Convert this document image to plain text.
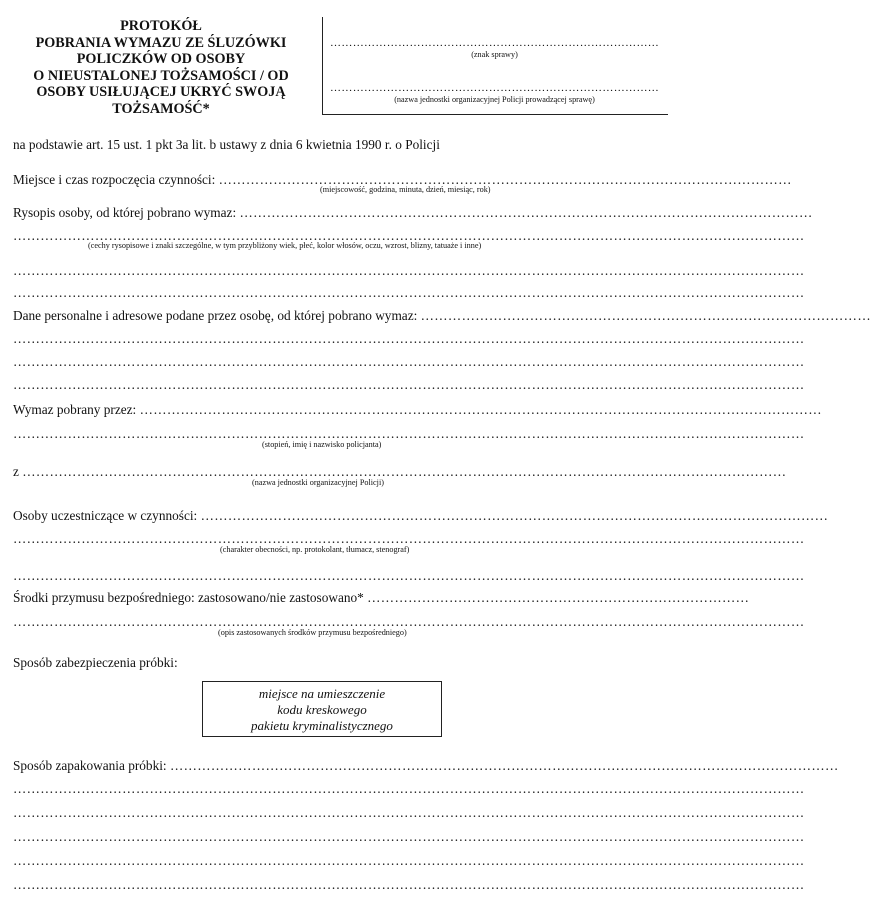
PROTOKÓŁ
POBRANIA WYMAZU ZE ŚLUZÓWKI
POLICZKÓW OD OSOBY
O NIEUSTALONEJ TOŻSAMOŚCI / OD
OSOBY USIŁUJĄCEJ UKRYĆ SWOJĄ
TOŻSAMOŚĆ*
……………………………………………………………………………
(znak sprawy)
……………………………………………………………………………
(nazwa jednostki organizacyjnej Policji prowadzącej sprawę)
na podstawie art. 15 ust. 1 pkt 3a lit. b ustawy z dnia 6 kwietnia 1990 r. o Policji
Miejsce i czas rozpoczęcia czynności: ………………………………………………………………………………………………………………
(miejscowość, godzina, minuta, dzień, miesiąc, rok)
Rysopis osoby, od której pobrano wymaz: ………………………………………………………………………………………………………………
…………………………………………………………………………………………………………………………………………………………
(cechy rysopisowe i znaki szczególne, w tym przybliżony wiek, płeć, kolor włosów, oczu, wzrost, blizny, tatuaże i inne)
…………………………………………………………………………………………………………………………………………………………
…………………………………………………………………………………………………………………………………………………………
Dane personalne i adresowe podane przez osobę, od której pobrano wymaz: ………………………………………………………………………………………
…………………………………………………………………………………………………………………………………………………………
…………………………………………………………………………………………………………………………………………………………
…………………………………………………………………………………………………………………………………………………………
Wymaz pobrany przez: ……………………………………………………………………………………………………………………………………
…………………………………………………………………………………………………………………………………………………………
(stopień, imię i nazwisko policjanta)
z ……………………………………………………………………………………………………………………………………………………
(nazwa jednostki organizacyjnej Policji)
Osoby uczestniczące w czynności: …………………………………………………………………………………………………………………………
…………………………………………………………………………………………………………………………………………………………
(charakter obecności, np. protokolant, tłumacz, stenograf)
…………………………………………………………………………………………………………………………………………………………
Środki przymusu bezpośredniego: zastosowano/nie zastosowano* …………………………………………………………………………
…………………………………………………………………………………………………………………………………………………………
(opis zastosowanych środków przymusu bezpośredniego)
Sposób zabezpieczenia próbki:
miejsce na umieszczenie
kodu kreskowego
pakietu kryminalistycznego
Sposób zapakowania próbki: …………………………………………………………………………………………………………………………………
…………………………………………………………………………………………………………………………………………………………
…………………………………………………………………………………………………………………………………………………………
…………………………………………………………………………………………………………………………………………………………
…………………………………………………………………………………………………………………………………………………………
…………………………………………………………………………………………………………………………………………………………
